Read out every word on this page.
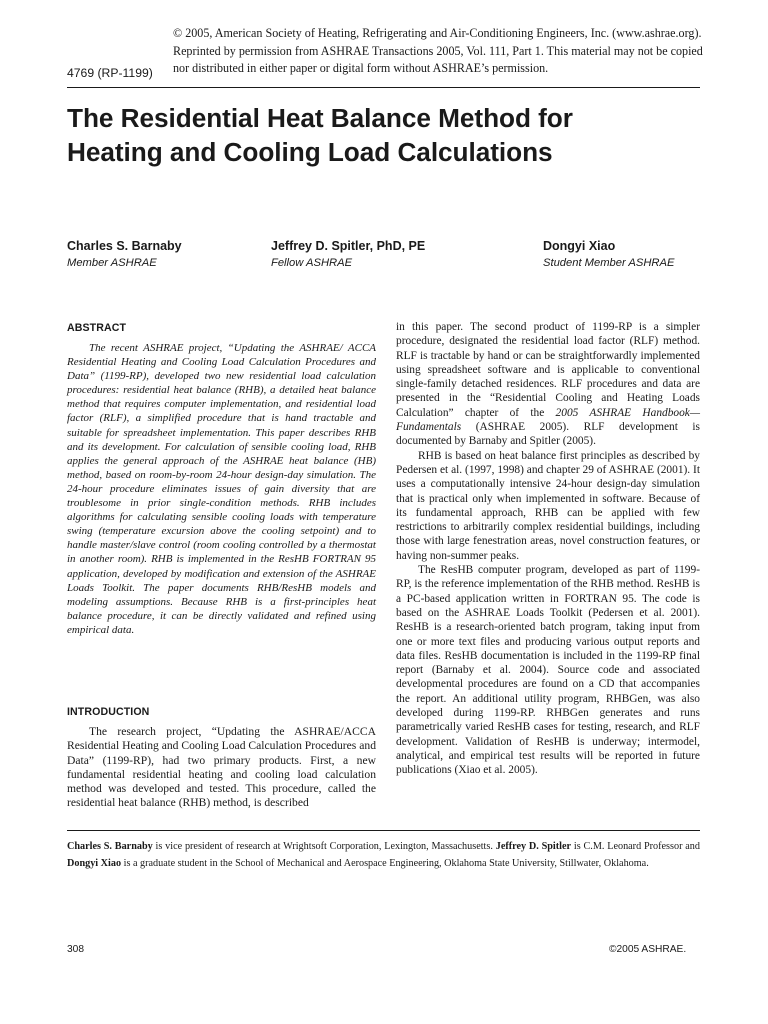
© 2005, American Society of Heating, Refrigerating and Air-Conditioning Engineers, Inc. (www.ashrae.org).
Reprinted by permission from ASHRAE Transactions 2005, Vol. 111, Part 1. This material may not be copied
nor distributed in either paper or digital form without ASHRAE’s permission.
4769 (RP-1199)
The Residential Heat Balance Method for
Heating and Cooling Load Calculations
Charles S. Barnaby
Member ASHRAE
Jeffrey D. Spitler, PhD, PE
Fellow ASHRAE
Dongyi Xiao
Student Member ASHRAE
ABSTRACT

The recent ASHRAE project, “Updating the ASHRAE/ ACCA Residential Heating and Cooling Load Calculation Procedures and Data” (1199-RP), developed two new residential load calculation procedures: residential heat balance (RHB), a detailed heat balance method that requires computer implementation, and residential load factor (RLF), a simplified procedure that is hand tractable and suitable for spreadsheet implementation. This paper describes RHB and its development. For calculation of sensible cooling load, RHB applies the general approach of the ASHRAE heat balance (HB) method, based on room-by-room 24-hour design-day simulation. The 24-hour procedure eliminates issues of gain diversity that are troublesome in prior single-condition methods. RHB includes algorithms for calculating sensible cooling loads with temperature swing (temperature excursion above the cooling setpoint) and to handle master/slave control (room cooling controlled by a thermostat in another room). RHB is implemented in the ResHB FORTRAN 95 application, developed by modification and extension of the ASHRAE Loads Toolkit. The paper documents RHB/ResHB models and modeling assumptions. Because RHB is a first-principles heat balance procedure, it can be directly validated and refined using empirical data.

INTRODUCTION

The research project, “Updating the ASHRAE/ACCA Residential Heating and Cooling Load Calculation Procedures and Data” (1199-RP), had two primary products. First, a new fundamental residential heating and cooling load calculation method was developed and tested. This procedure, called the residential heat balance (RHB) method, is described

in this paper. The second product of 1199-RP is a simpler procedure, designated the residential load factor (RLF) method. RLF is tractable by hand or can be straightforwardly implemented using spreadsheet software and is applicable to conventional single-family detached residences. RLF procedures and data are presented in the “Residential Cooling and Heating Loads Calculation” chapter of the 2005 ASHRAE Handbook—Fundamentals (ASHRAE 2005). RLF development is documented by Barnaby and Spitler (2005).

RHB is based on heat balance first principles as described by Pedersen et al. (1997, 1998) and chapter 29 of ASHRAE (2001). It uses a computationally intensive 24-hour design-day simulation that is practical only when implemented in software. Because of its fundamental approach, RHB can be applied with few restrictions to arbitrarily complex residential buildings, including those with large fenestration areas, novel construction features, or having non-summer peaks.

The ResHB computer program, developed as part of 1199-RP, is the reference implementation of the RHB method. ResHB is a PC-based application written in FORTRAN 95. The code is based on the ASHRAE Loads Toolkit (Pedersen et al. 2001). ResHB is a research-oriented batch program, taking input from one or more text files and producing various output reports and data files. ResHB documentation is included in the 1199-RP final report (Barnaby et al. 2004). Source code and associated developmental procedures are found on a CD that accompanies the report. An additional utility program, RHBGen, was also developed during 1199-RP. RHBGen generates and runs parametrically varied ResHB cases for testing, research, and RLF development. Validation of ResHB is underway; intermodel, analytical, and empirical test results will be reported in future publications (Xiao et al. 2005).

Charles S. Barnaby is vice president of research at Wrightsoft Corporation, Lexington, Massachusetts. Jeffrey D. Spitler is C.M. Leonard Professor and Dongyi Xiao is a graduate student in the School of Mechanical and Aerospace Engineering, Oklahoma State University, Stillwater, Oklahoma.
308	©2005 ASHRAE.
